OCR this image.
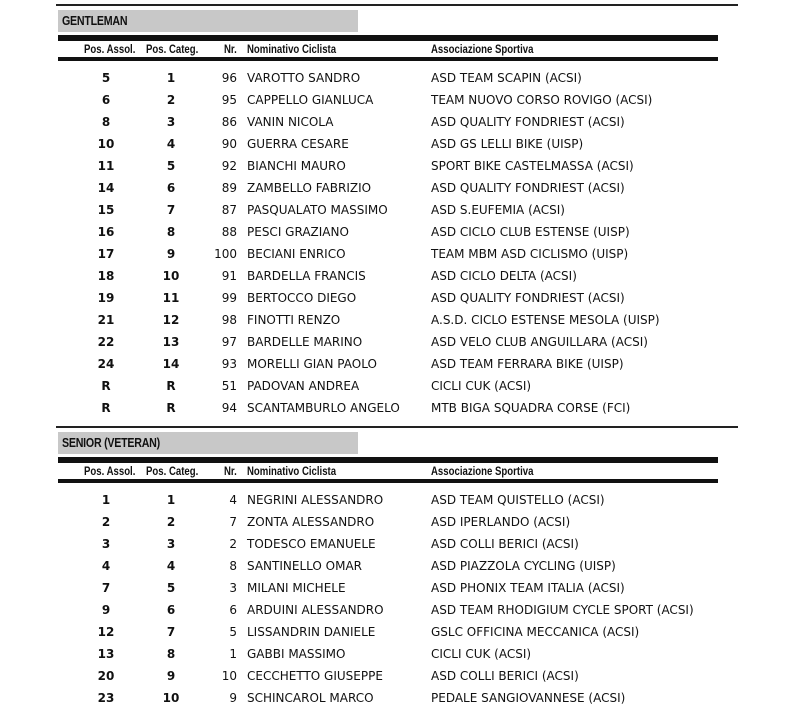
GENTLEMAN
Pos. Assol. Pos. Categ. Nr. Nominativo Ciclista	Associazione Sportiva
5	1	96 VAROTTO SANDRO	ASD TEAM SCAPIN (ACSI)
6	2	95 CAPPELLO GIANLUCA	TEAM NUOVO CORSO ROVIGO (ACSI)
8	3	86 VANIN NICOLA	ASD QUALITY FONDRIEST (ACSI)
10	4	90 GUERRA CESARE	ASD GS LELLI BIKE (UISP)
11	5	92 BIANCHI MAURO	SPORT BIKE CASTELMASSA (ACSI)
14	6	89 ZAMBELLO FABRIZIO	ASD QUALITY FONDRIEST (ACSI)
15	7	87 PASQUALATO MASSIMO	ASD S.EUFEMIA (ACSI)
16	8	88 PESCI GRAZIANO	ASD CICLO CLUB ESTENSE (UISP)
17	9	100 BECIANI ENRICO	TEAM MBM ASD CICLISMO (UISP)
18	10	91 BARDELLA FRANCIS	ASD CICLO DELTA (ACSI)
19	11	99 BERTOCCO DIEGO	ASD QUALITY FONDRIEST (ACSI)
21	12	98 FINOTTI RENZO	A.S.D. CICLO ESTENSE MESOLA (UISP)
22	13	97 BARDELLE MARINO	ASD VELO CLUB ANGUILLARA (ACSI)
24	14	93 MORELLI GIAN PAOLO	ASD TEAM FERRARA BIKE (UISP)
R	R	51 PADOVAN ANDREA	CICLI CUK (ACSI)
R	R	94 SCANTAMBURLO ANGELO	MTB BIGA SQUADRA CORSE (FCI)
SENIOR (VETERAN)
Pos. Assol. Pos. Categ. Nr. Nominativo Ciclista	Associazione Sportiva
1	1	4 NEGRINI ALESSANDRO	ASD TEAM QUISTELLO (ACSI)
2	2	7 ZONTA ALESSANDRO	ASD IPERLANDO (ACSI)
3	3	2 TODESCO EMANUELE	ASD COLLI BERICI (ACSI)
4	4	8 SANTINELLO OMAR	ASD PIAZZOLA CYCLING (UISP)
7	5	3 MILANI MICHELE	ASD PHONIX TEAM ITALIA (ACSI)
9	6	6 ARDUINI ALESSANDRO	ASD TEAM RHODIGIUM CYCLE SPORT (ACSI)
12	7	5 LISSANDRIN DANIELE	GSLC OFFICINA MECCANICA (ACSI)
13	8	1 GABBI MASSIMO	CICLI CUK (ACSI)
20	9	10 CECCHETTO GIUSEPPE	ASD COLLI BERICI (ACSI)
23	10	9 SCHINCAROL MARCO	PEDALE SANGIOVANNESE (ACSI)
